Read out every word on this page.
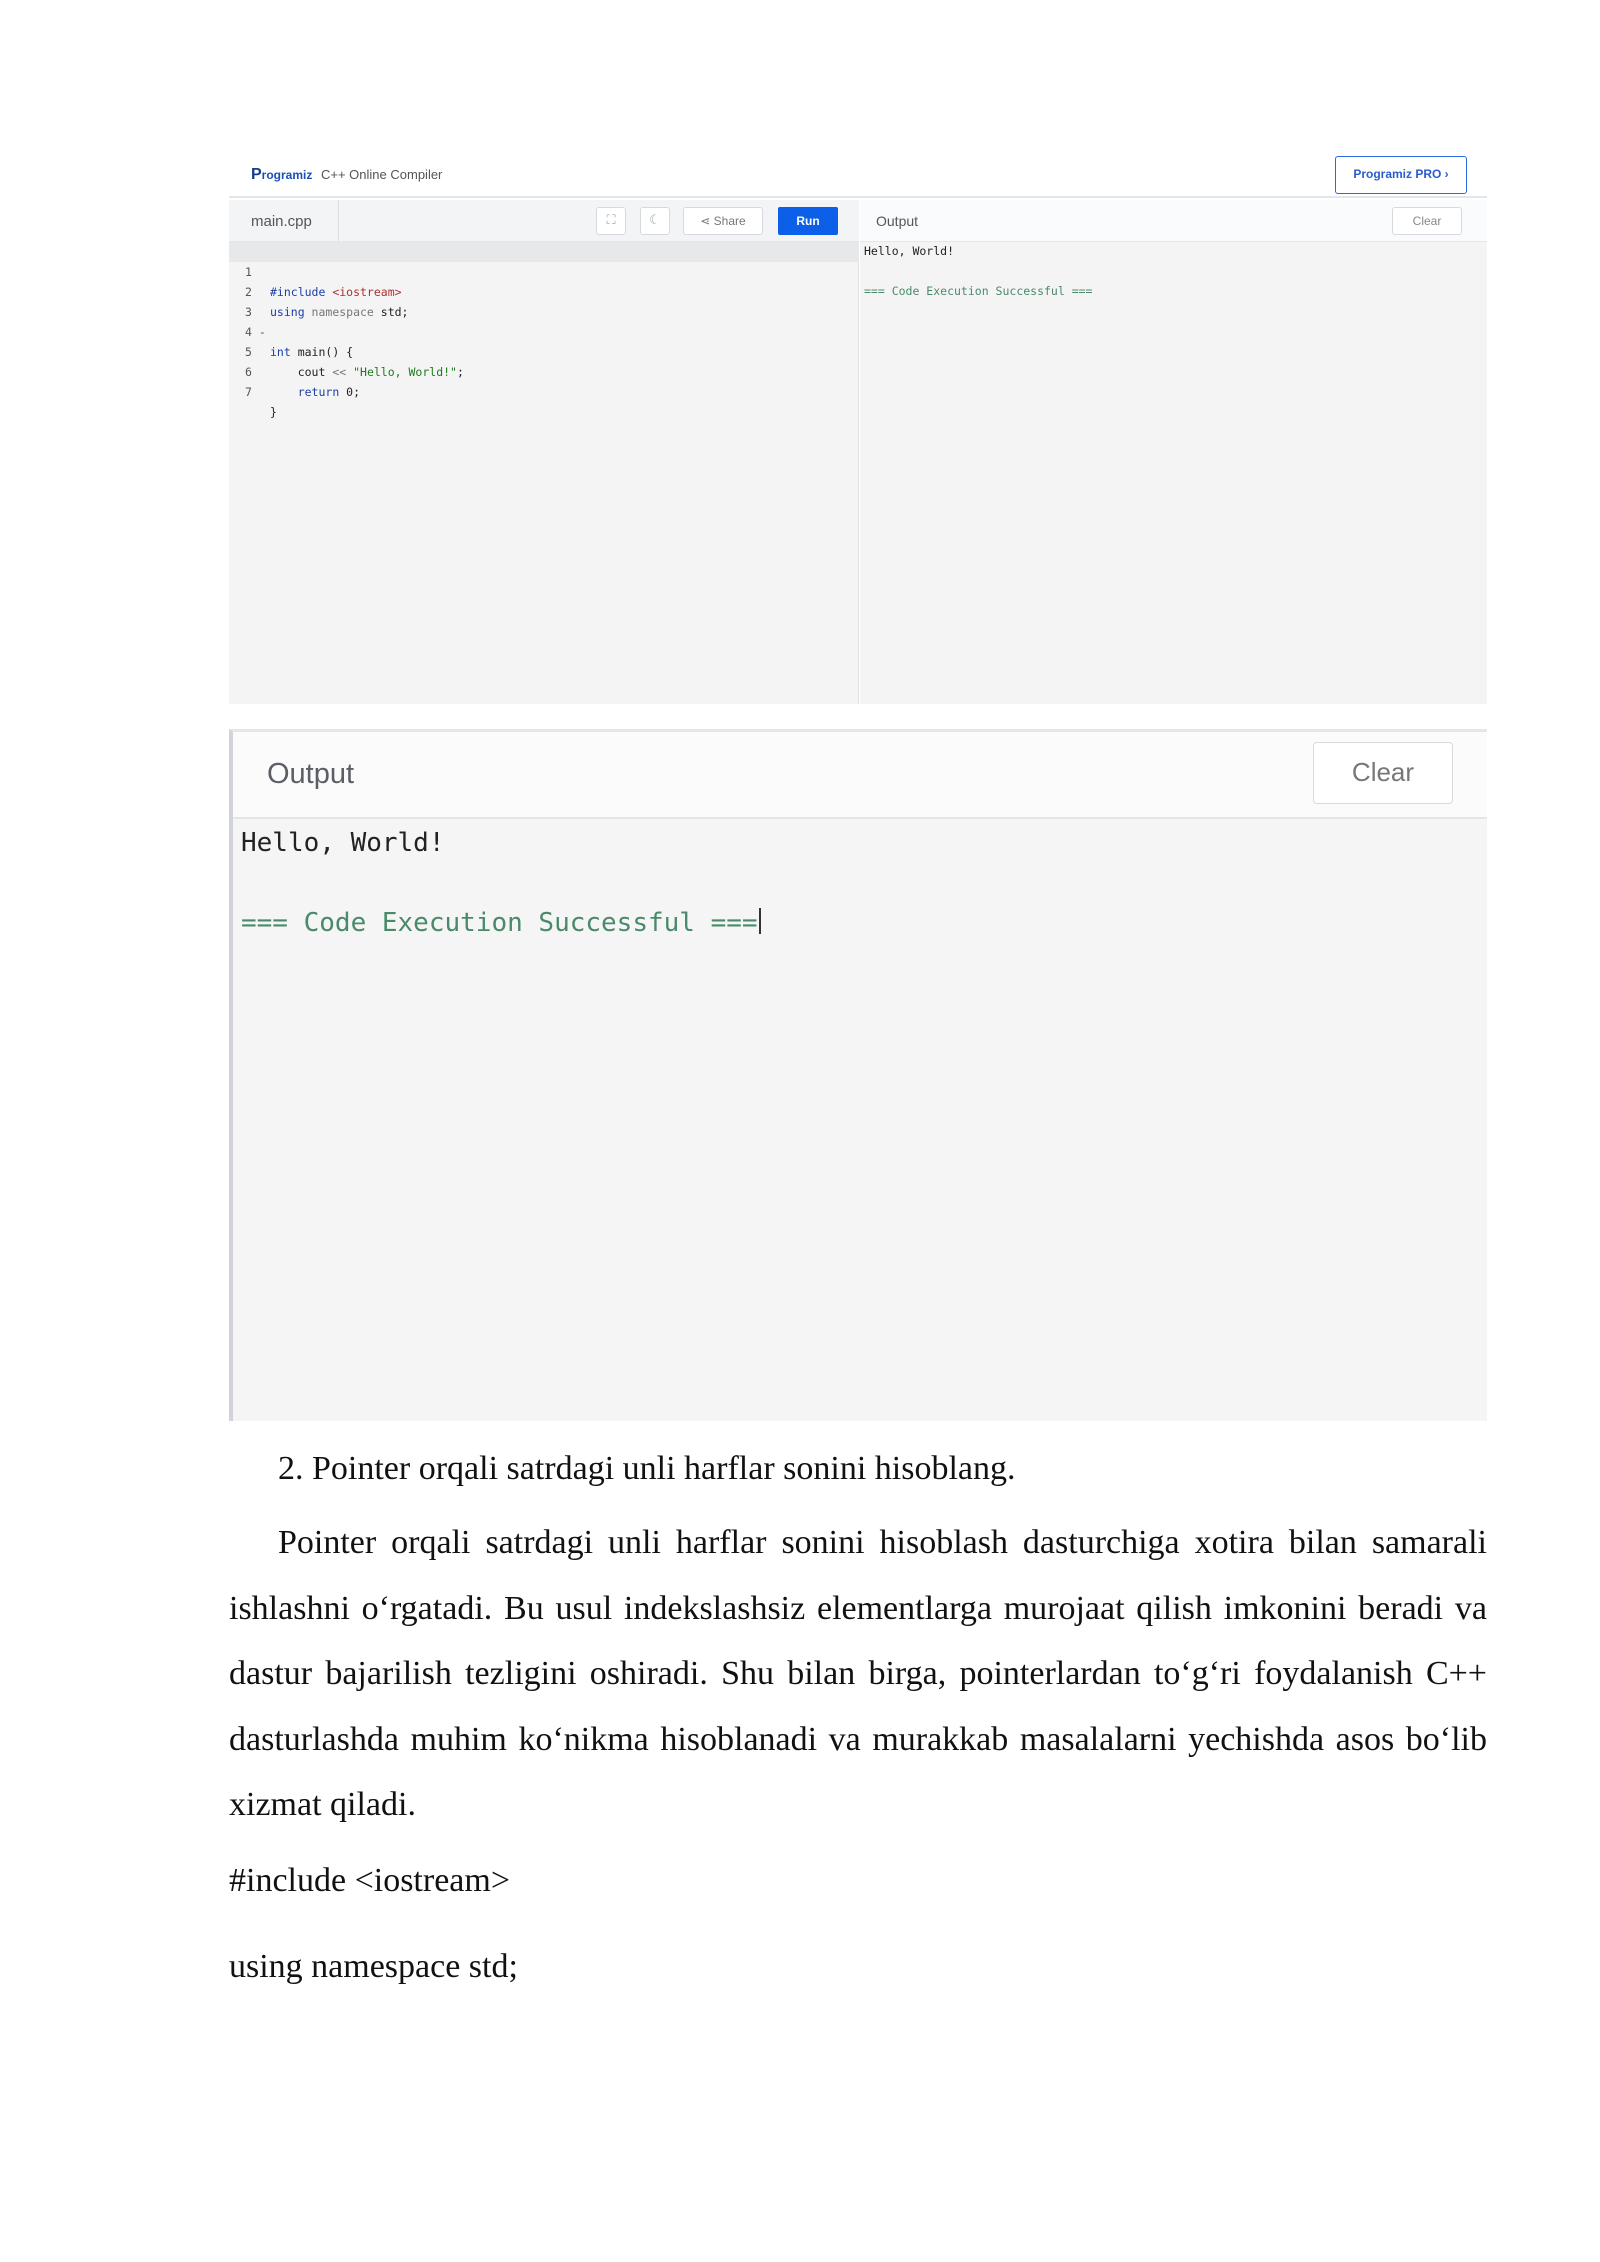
Programiz C++ Online Compiler	Programiz PRO ›
main.cpp	⛶	☾	⋖ Share	Run

1

#include <iostream>

2

using namespace std;

3

4 -

int main() {

5

cout << "Hello, World!";

6

return 0;

7

}

Output	Clear
Hello, World!
=== Code Execution Successful ===
Output	Clear
Hello, World!
=== Code Execution Successful ===
2. Pointer orqali satrdagi unli harflar sonini hisoblang.
Pointer orqali satrdagi unli harflar sonini hisoblash dasturchiga xotira bilan samarali ishlashni o‘rgatadi. Bu usul indekslashsiz elementlarga murojaat qilish imkonini beradi va dastur bajarilish tezligini oshiradi. Shu bilan birga, pointerlardan to‘g‘ri foydalanish C++ dasturlashda muhim ko‘nikma hisoblanadi va murakkab masalalarni yechishda asos bo‘lib xizmat qiladi.
#include <iostream>
using namespace std;
